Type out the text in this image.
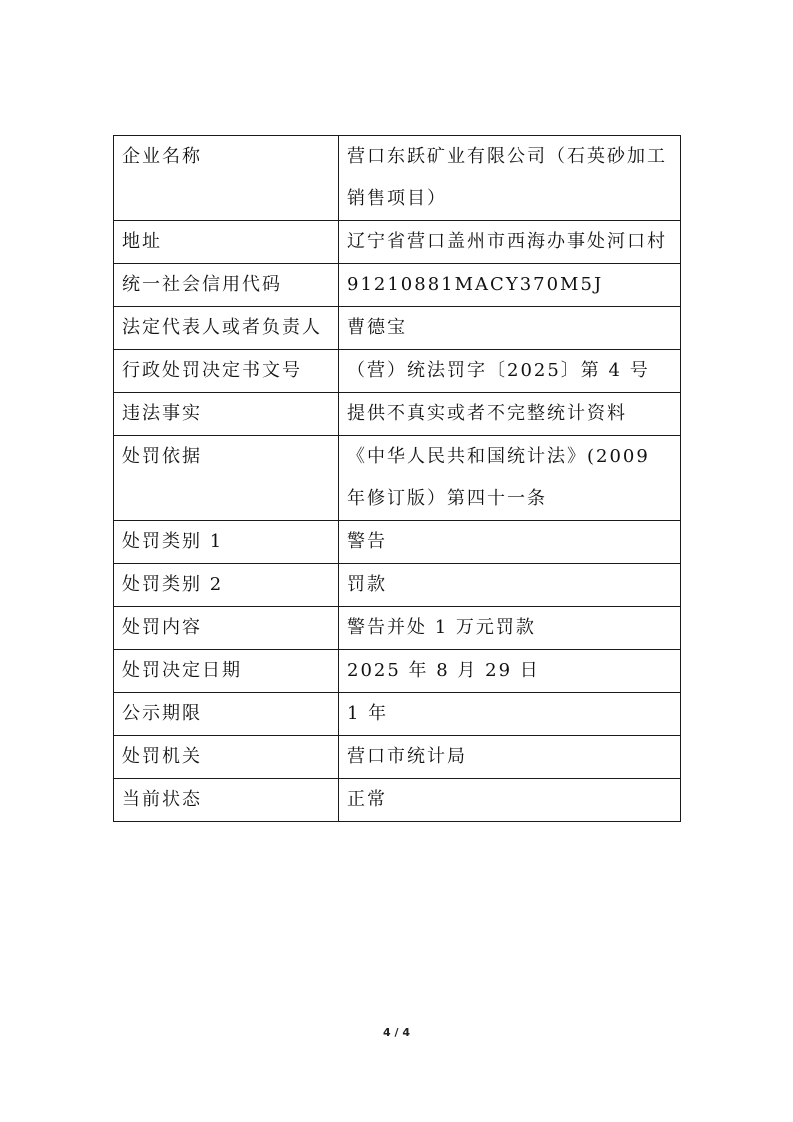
企业名称	营口东跃矿业有限公司（石英砂加工销售项目）
地址	辽宁省营口盖州市西海办事处河口村
统一社会信用代码	91210881MACY370M5J
法定代表人或者负责人	曹德宝
行政处罚决定书文号	（营）统法罚字〔2025〕第 4 号
违法事实	提供不真实或者不完整统计资料
处罚依据	《中华人民共和国统计法》(2009 年修订版）第四十一条
处罚类别 1	警告
处罚类别 2	罚款
处罚内容	警告并处 1 万元罚款
处罚决定日期	2025 年 8 月 29 日
公示期限	1 年
处罚机关	营口市统计局
当前状态	正常
4 / 4
